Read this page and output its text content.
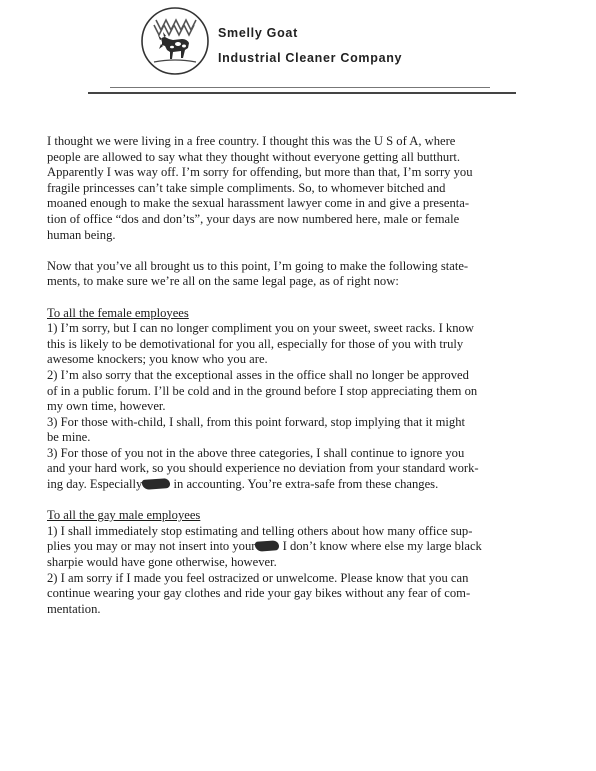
Smelly Goat
Industrial Cleaner Company
I thought we were living in a free country. I thought this was the U S of A, where
people are allowed to say what they thought without everyone getting all butthurt.
Apparently I was way off. I’m sorry for offending, but more than that, I’m sorry you
fragile princesses can’t take simple compliments. So, to whomever bitched and
moaned enough to make the sexual harassment lawyer come in and give a presenta-
tion of office “dos and don’ts”, your days are now numbered here, male or female
human being.
Now that you’ve all brought us to this point, I’m going to make the following state-
ments, to make sure we’re all on the same legal page, as of right now:
To all the female employees
1) I’m sorry, but I can no longer compliment you on your sweet, sweet racks. I know
this is likely to be demotivational for you all, especially for those of you with truly
awesome knockers; you know who you are.
2) I’m also sorry that the exceptional asses in the office shall no longer be approved
of in a public forum. I’ll be cold and in the ground before I stop appreciating them on
my own time, however.
3) For those with-child, I shall, from this point forward, stop implying that it might
be mine.
3) For those of you not in the above three categories, I shall continue to ignore you
and your hard work, so you should experience no deviation from your standard work-
ing day. Especially in accounting. You’re extra-safe from these changes.
To all the gay male employees
1) I shall immediately stop estimating and telling others about how many office sup-
plies you may or may not insert into your I don’t know where else my large black
sharpie would have gone otherwise, however.
2) I am sorry if I made you feel ostracized or unwelcome. Please know that you can
continue wearing your gay clothes and ride your gay bikes without any fear of com-
mentation.
